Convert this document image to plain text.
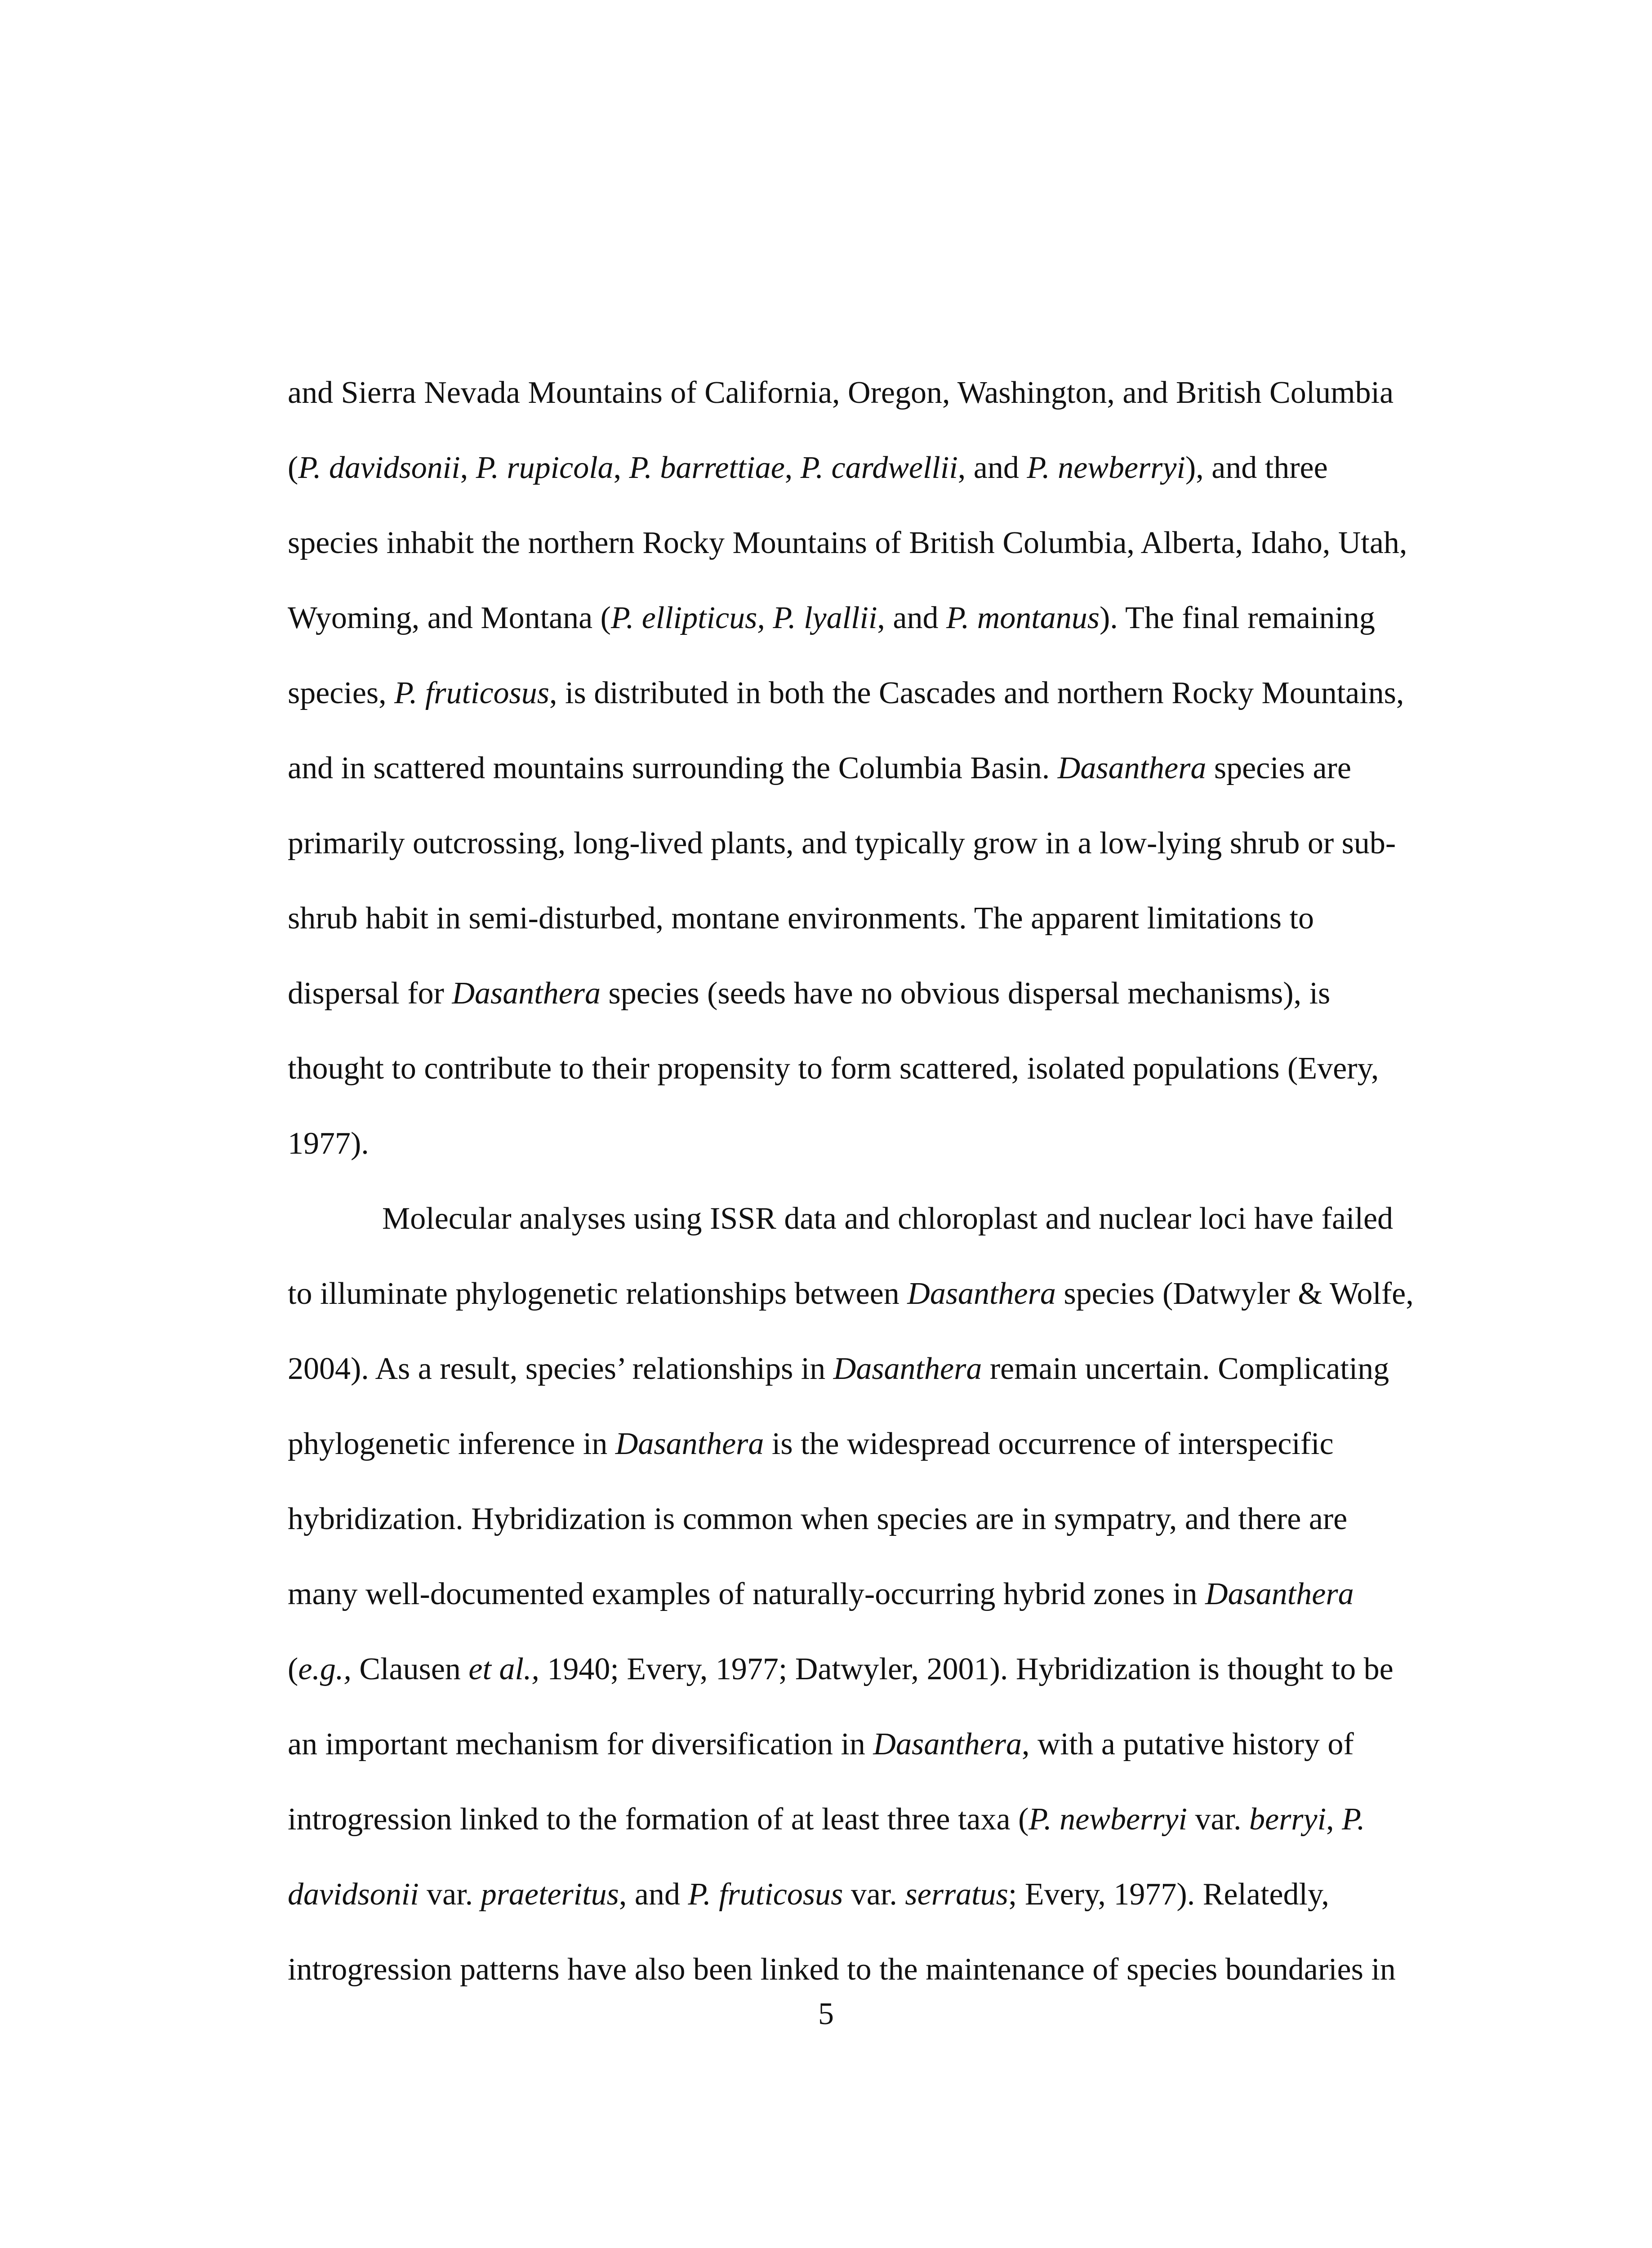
and Sierra Nevada Mountains of California, Oregon, Washington, and British Columbia
(P. davidsonii, P. rupicola, P. barrettiae, P. cardwellii, and P. newberryi), and three
species inhabit the northern Rocky Mountains of British Columbia, Alberta, Idaho, Utah,
Wyoming, and Montana (P. ellipticus, P. lyallii, and P. montanus). The final remaining
species, P. fruticosus, is distributed in both the Cascades and northern Rocky Mountains,
and in scattered mountains surrounding the Columbia Basin. Dasanthera species are
primarily outcrossing, long-lived plants, and typically grow in a low-lying shrub or sub-
shrub habit in semi-disturbed, montane environments. The apparent limitations to
dispersal for Dasanthera species (seeds have no obvious dispersal mechanisms), is
thought to contribute to their propensity to form scattered, isolated populations (Every,
1977).
Molecular analyses using ISSR data and chloroplast and nuclear loci have failed
to illuminate phylogenetic relationships between Dasanthera species (Datwyler & Wolfe,
2004). As a result, species’ relationships in Dasanthera remain uncertain. Complicating
phylogenetic inference in Dasanthera is the widespread occurrence of interspecific
hybridization. Hybridization is common when species are in sympatry, and there are
many well-documented examples of naturally-occurring hybrid zones in Dasanthera
(e.g., Clausen et al., 1940; Every, 1977; Datwyler, 2001). Hybridization is thought to be
an important mechanism for diversification in Dasanthera, with a putative history of
introgression linked to the formation of at least three taxa (P. newberryi var. berryi, P.
davidsonii var. praeteritus, and P. fruticosus var. serratus; Every, 1977). Relatedly,
introgression patterns have also been linked to the maintenance of species boundaries in
5
